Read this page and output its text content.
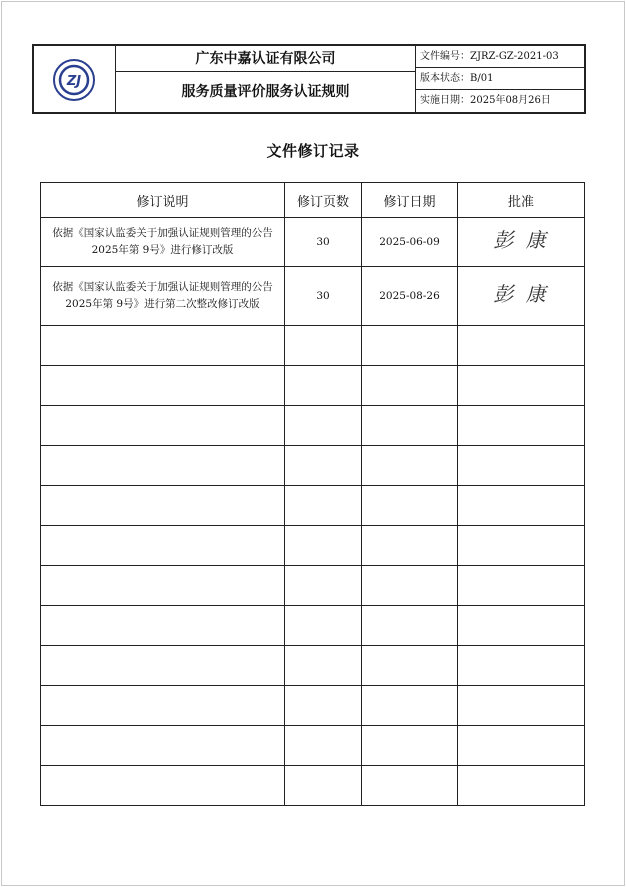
ZJ
广东中嘉认证有限公司
服务质量评价服务认证规则
文件编号：ZJRZ-GZ-2021-03
版本状态：B/01
实施日期：2025年08月26日
文件修订记录
修订说明	修订页数	修订日期	批准
依据《国家认监委关于加强认证规则管理的公告 2025年第 9号》进行修订改版	30	2025-06-09	彭 康
依据《国家认监委关于加强认证规则管理的公告 2025年第 9号》进行第二次整改修订改版	30	2025-08-26	彭 康
